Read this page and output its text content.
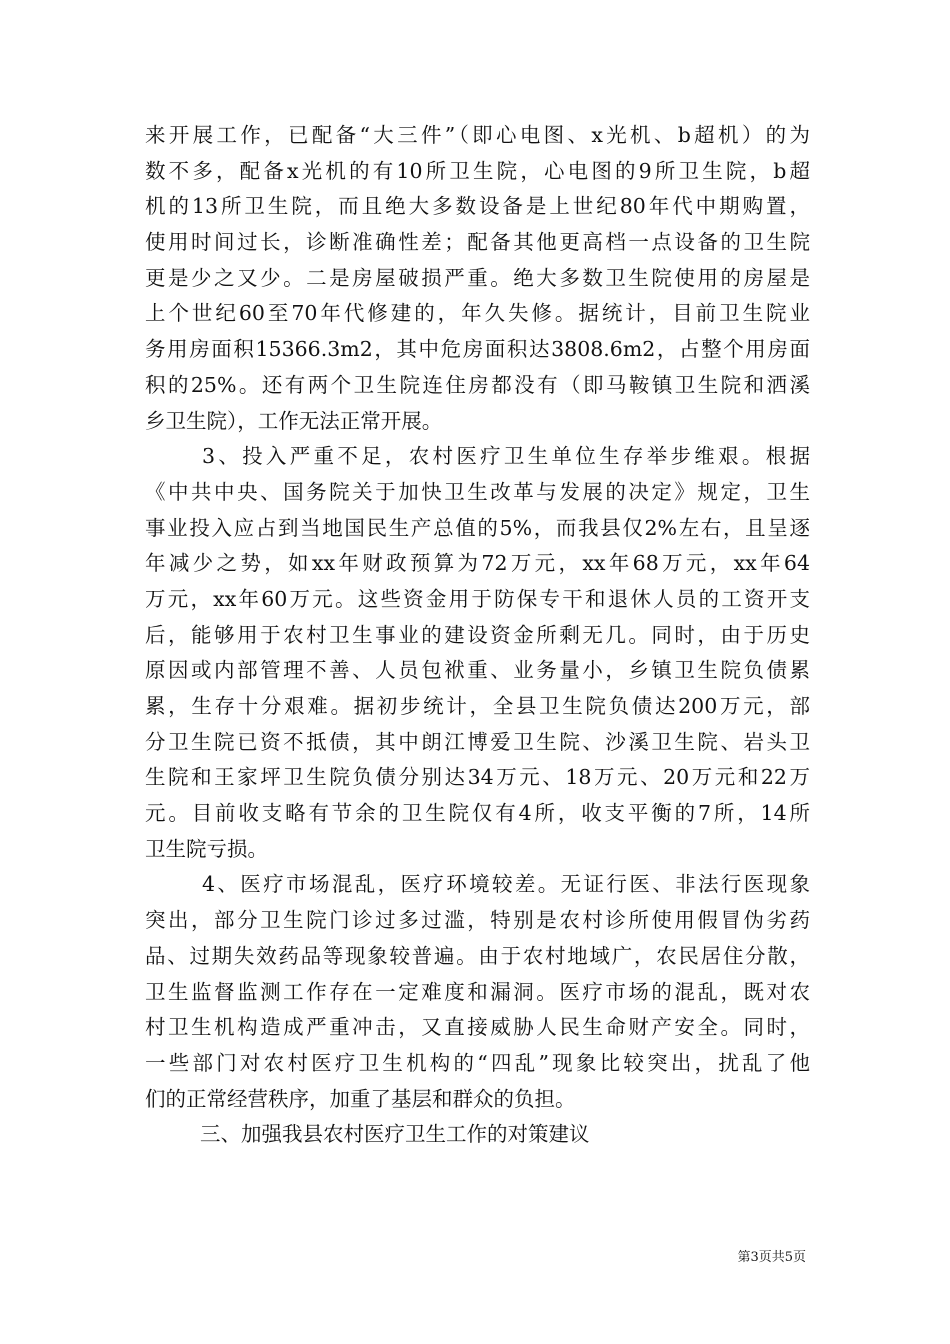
来开展工作，已配备“大三件”（即心电图、x光机、b超机）的为
数不多，配备x光机的有10所卫生院，心电图的9所卫生院，b超
机的13所卫生院，而且绝大多数设备是上世纪80年代中期购置，
使用时间过长，诊断准确性差；配备其他更高档一点设备的卫生院
更是少之又少。二是房屋破损严重。绝大多数卫生院使用的房屋是
上个世纪60至70年代修建的，年久失修。据统计，目前卫生院业
务用房面积15366.3m2，其中危房面积达3808.6m2，占整个用房面
积的25%。还有两个卫生院连住房都没有（即马鞍镇卫生院和洒溪
乡卫生院），工作无法正常开展。
3、投入严重不足，农村医疗卫生单位生存举步维艰。根据
《中共中央、国务院关于加快卫生改革与发展的决定》规定，卫生
事业投入应占到当地国民生产总值的5%，而我县仅2%左右，且呈逐
年减少之势，如xx年财政预算为72万元，xx年68万元，xx年64
万元，xx年60万元。这些资金用于防保专干和退休人员的工资开支
后，能够用于农村卫生事业的建设资金所剩无几。同时，由于历史
原因或内部管理不善、人员包袱重、业务量小，乡镇卫生院负债累
累，生存十分艰难。据初步统计，全县卫生院负债达200万元，部
分卫生院已资不抵债，其中朗江博爱卫生院、沙溪卫生院、岩头卫
生院和王家坪卫生院负债分别达34万元、18万元、20万元和22万
元。目前收支略有节余的卫生院仅有4所，收支平衡的7所，14所
卫生院亏损。
4、医疗市场混乱，医疗环境较差。无证行医、非法行医现象
突出，部分卫生院门诊过多过滥，特别是农村诊所使用假冒伪劣药
品、过期失效药品等现象较普遍。由于农村地域广，农民居住分散，
卫生监督监测工作存在一定难度和漏洞。医疗市场的混乱，既对农
村卫生机构造成严重冲击，又直接威胁人民生命财产安全。同时，
一些部门对农村医疗卫生机构的“四乱”现象比较突出，扰乱了他
们的正常经营秩序，加重了基层和群众的负担。
三、加强我县农村医疗卫生工作的对策建议
第3页共5页
